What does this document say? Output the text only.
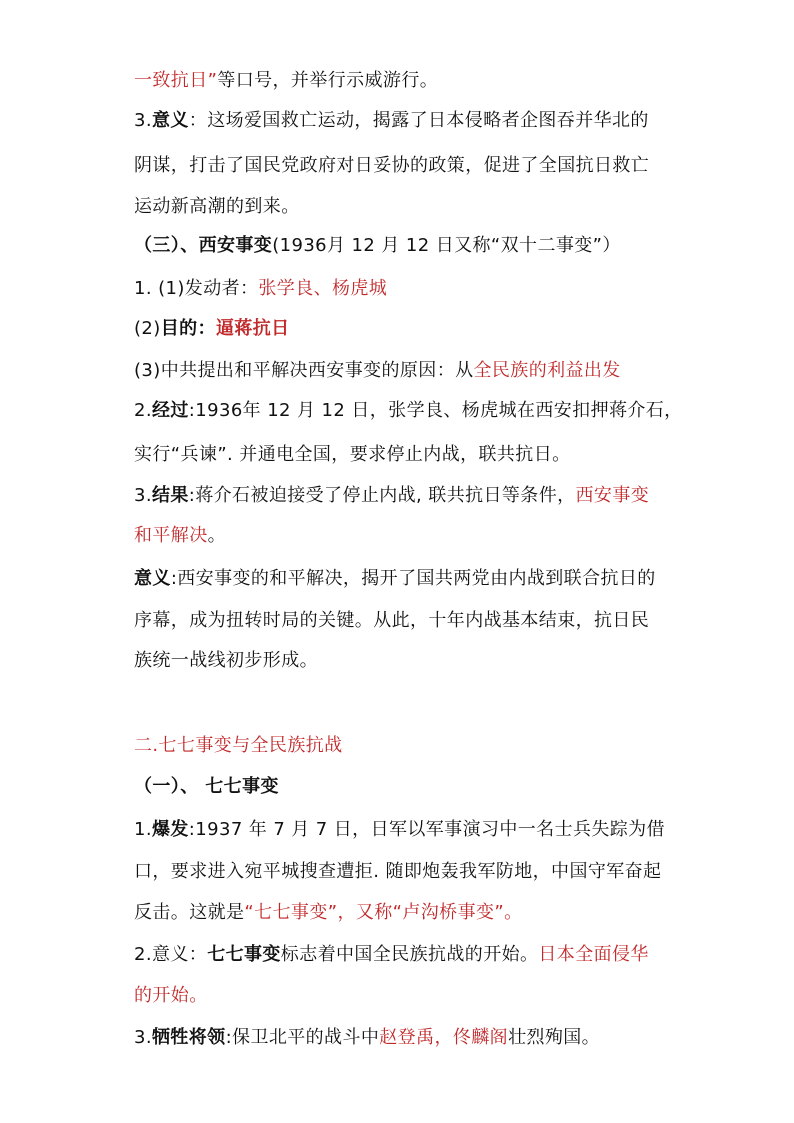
一致抗日”等口号，并举行示威游行。
3.意义：这场爱国救亡运动，揭露了日本侵略者企图吞并华北的
阴谋，打击了国民党政府对日妥协的政策，促进了全国抗日救亡
运动新高潮的到来。
（三）、西安事变(1936月 12 月 12 日又称“双十二事变”）
1. (1)发动者：张学良、杨虎城
(2)目的：逼蒋抗日
(3)中共提出和平解决西安事变的原因：从全民族的利益出发
2.经过:1936年 12 月 12 日，张学良、杨虎城在西安扣押蒋介石，
实行“兵谏”. 并通电全国，要求停止内战，联共抗日。
3.结果:蒋介石被迫接受了停止内战, 联共抗日等条件，西安事变
和平解决。
意义:西安事变的和平解决，揭开了国共两党由内战到联合抗日的
序幕，成为扭转时局的关键。从此，十年内战基本结束，抗日民
族统一战线初步形成。
二.七七事变与全民族抗战
（一）、 七七事变
1.爆发:1937 年 7 月 7 日，日军以军事演习中一名士兵失踪为借
口，要求进入宛平城搜查遭拒. 随即炮轰我军防地，中国守军奋起
反击。这就是“七七事变”，又称“卢沟桥事变”。
2.意义：七七事变标志着中国全民族抗战的开始。日本全面侵华
的开始。
3.牺牲将领:保卫北平的战斗中赵登禹，佟麟阁壮烈殉国。
